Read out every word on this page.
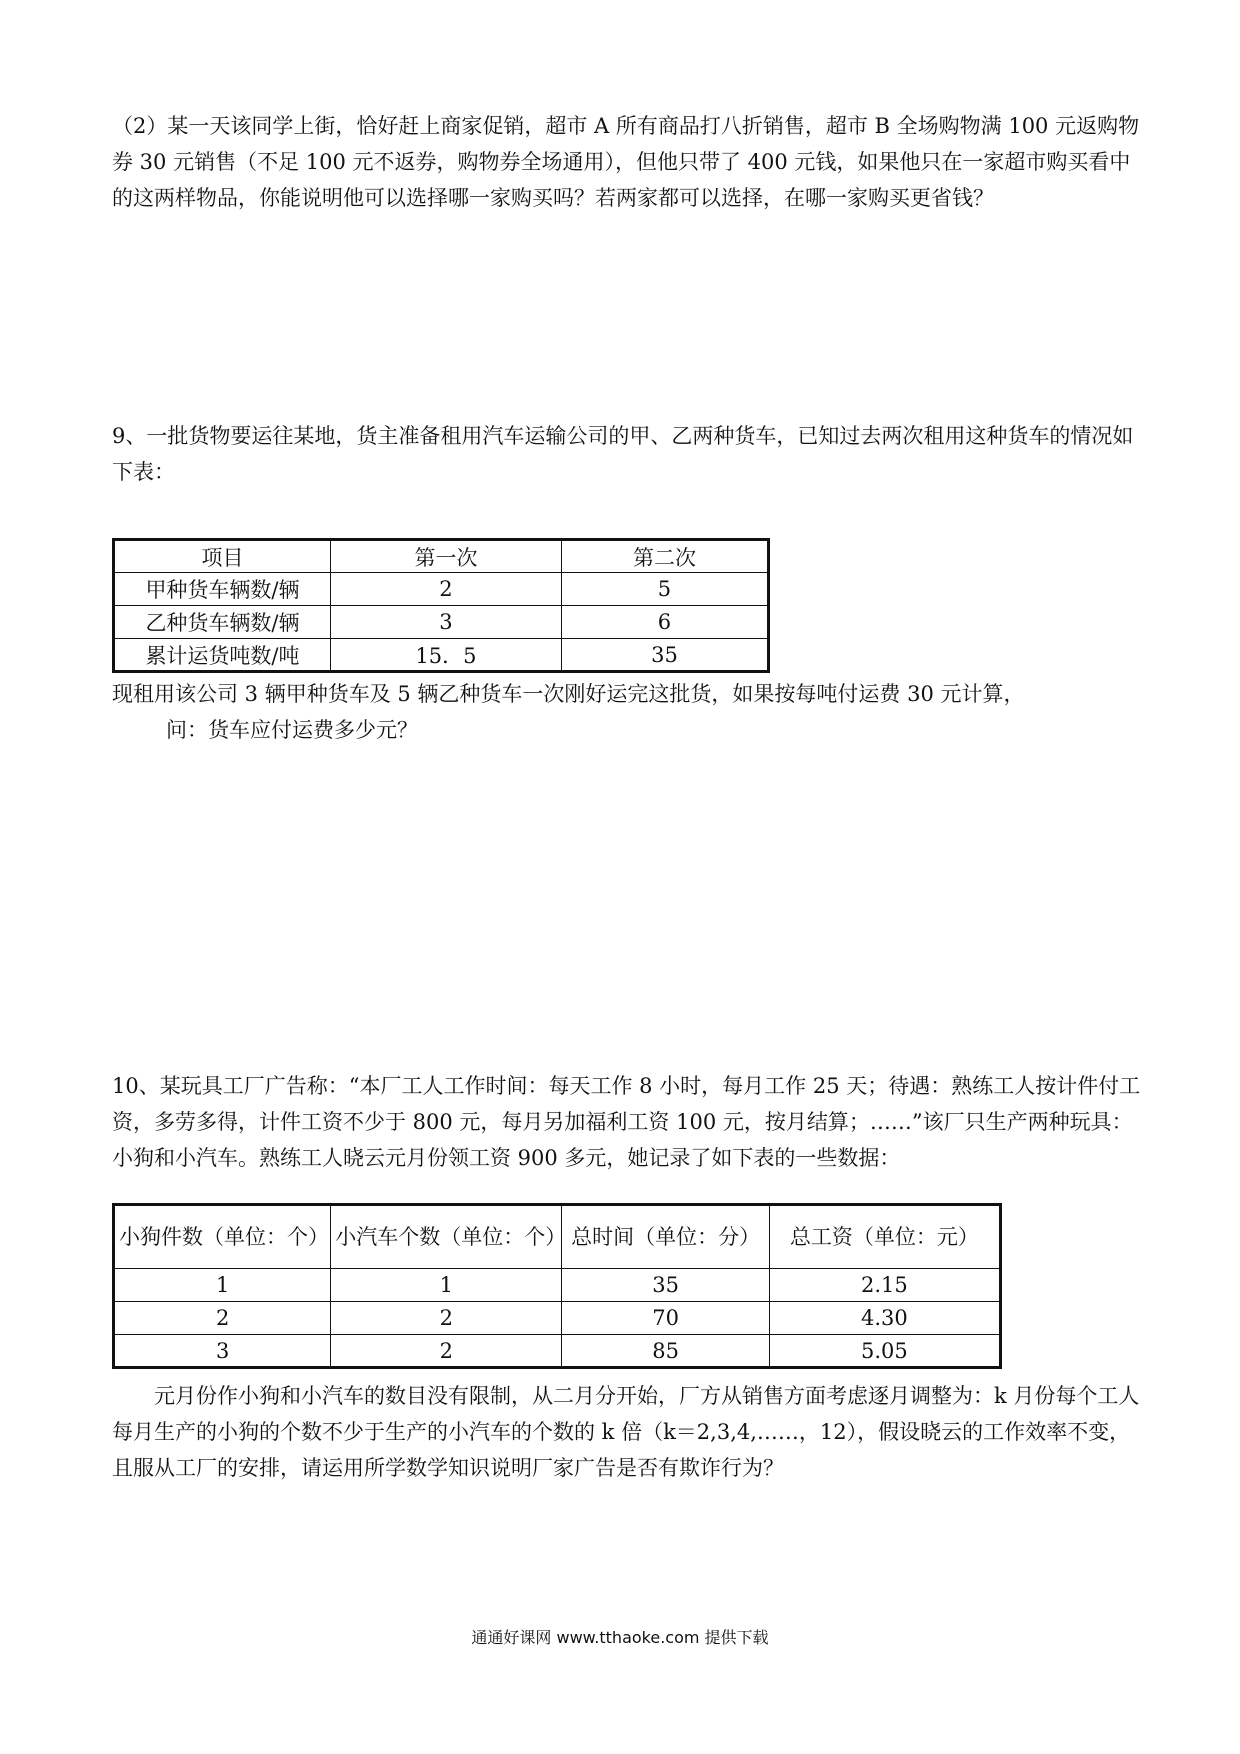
（2）某一天该同学上街，恰好赶上商家促销，超市 A 所有商品打八折销售，超市 B 全场购物满 100 元返购物券 30 元销售（不足 100 元不返券，购物券全场通用），但他只带了 400 元钱，如果他只在一家超市购买看中的这两样物品，你能说明他可以选择哪一家购买吗？若两家都可以选择，在哪一家购买更省钱？

9、一批货物要运往某地，货主准备租用汽车运输公司的甲、乙两种货车，已知过去两次租用这种货车的情况如下表：

项目	第一次	第二次
甲种货车辆数/辆	2	5
乙种货车辆数/辆	3	6
累计运货吨数/吨	15．5	35

现租用该公司 3 辆甲种货车及 5 辆乙种货车一次刚好运完这批货，如果按每吨付运费 30 元计算，

问：货车应付运费多少元？

10、某玩具工厂广告称：“本厂工人工作时间：每天工作 8 小时，每月工作 25 天；待遇：熟练工人按计件付工资，多劳多得，计件工资不少于 800 元，每月另加福利工资 100 元，按月结算；……”该厂只生产两种玩具：小狗和小汽车。熟练工人晓云元月份领工资 900 多元，她记录了如下表的一些数据：

小狗件数（单位：个）	小汽车个数（单位：个）	总时间（单位：分）	总工资（单位：元）
1	1	35	2.15
2	2	70	4.30
3	2	85	5.05

元月份作小狗和小汽车的数目没有限制，从二月分开始，厂方从销售方面考虑逐月调整为：k 月份每个工人每月生产的小狗的个数不少于生产的小汽车的个数的 k 倍（k＝2,3,4,……，12），假设晓云的工作效率不变，且服从工厂的安排，请运用所学数学知识说明厂家广告是否有欺诈行为？

通通好课网 www.tthaoke.com 提供下载
